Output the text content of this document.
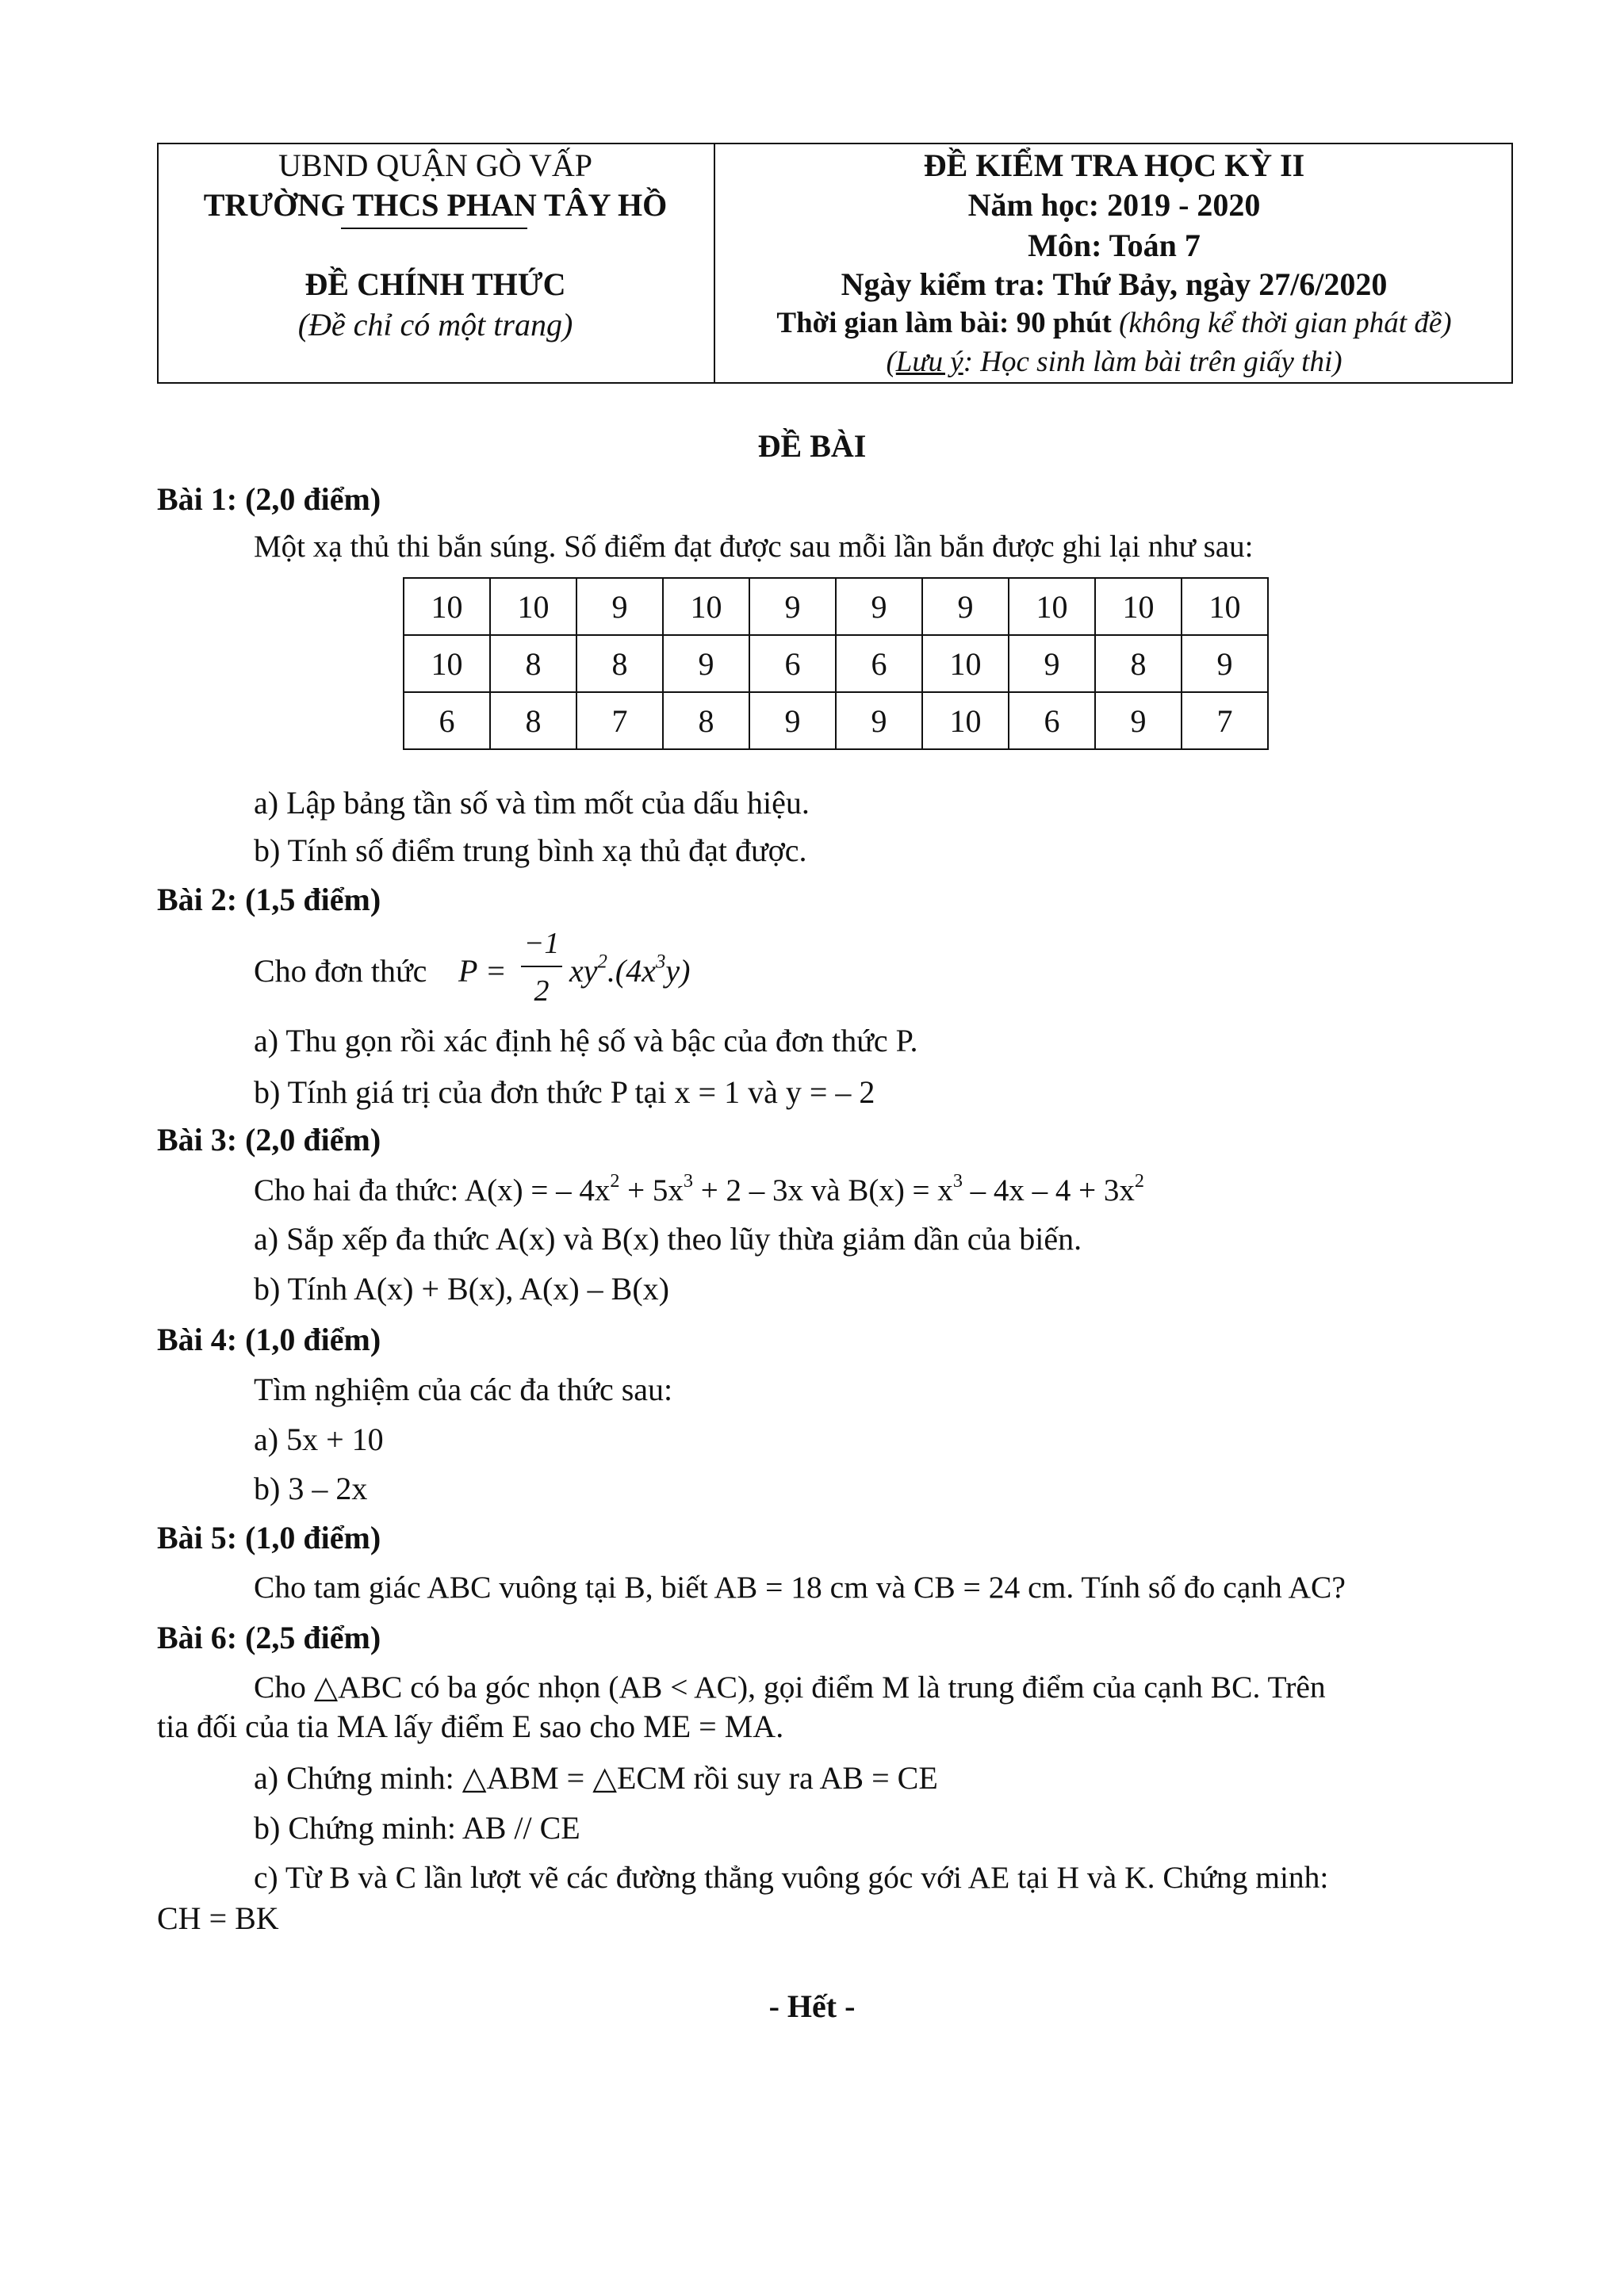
UBND QUẬN GÒ VẤP
TRƯỜNG THCS PHAN TÂY HỒ
ĐỀ CHÍNH THỨC
(Đề chỉ có một trang)
ĐỀ KIỂM TRA HỌC KỲ II
Năm học: 2019 - 2020
Môn: Toán 7
Ngày kiểm tra: Thứ Bảy, ngày 27/6/2020
Thời gian làm bài: 90 phút (không kể thời gian phát đề)
(Lưu ý: Học sinh làm bài trên giấy thi)
ĐỀ BÀI
Bài 1: (2,0 điểm)
Một xạ thủ thi bắn súng. Số điểm đạt được sau mỗi lần bắn được ghi lại như sau:
10	10	9	10	9	9	9	10	10	10
10	8	8	9	6	6	10	9	8	9
6	8	7	8	9	9	10	6	9	7
a) Lập bảng tần số và tìm mốt của dấu hiệu.
b) Tính số điểm trung bình xạ thủ đạt được.
Bài 2: (1,5 điểm)
Cho đơn thức P =
−1
2
$xy^2.(4x^3y)$
a) Thu gọn rồi xác định hệ số và bậc của đơn thức P.
b) Tính giá trị của đơn thức P tại x = 1 và y = – 2
Bài 3: (2,0 điểm)
Cho hai đa thức: A(x) = – $4x^2 + 5x^3 + 2 - 3x$ và $B(x) = x^3 - 4x - 4 + 3x^2$
a) Sắp xếp đa thức A(x) và B(x) theo lũy thừa giảm dần của biến.
b) Tính A(x) + B(x), A(x) – B(x)
Bài 4: (1,0 điểm)
Tìm nghiệm của các đa thức sau:
a) 5x + 10
b) 3 – 2x
Bài 5: (1,0 điểm)
Cho tam giác ABC vuông tại B, biết AB = 18 cm và CB = 24 cm. Tính số đo cạnh AC?
Bài 6: (2,5 điểm)
Cho △ABC có ba góc nhọn (AB < AC), gọi điểm M là trung điểm của cạnh BC. Trên
tia đối của tia MA lấy điểm E sao cho ME = MA.
a) Chứng minh: △ABM = △ECM rồi suy ra AB = CE
b) Chứng minh: AB // CE
c) Từ B và C lần lượt vẽ các đường thẳng vuông góc với AE tại H và K. Chứng minh:
CH = BK
- Hết -
